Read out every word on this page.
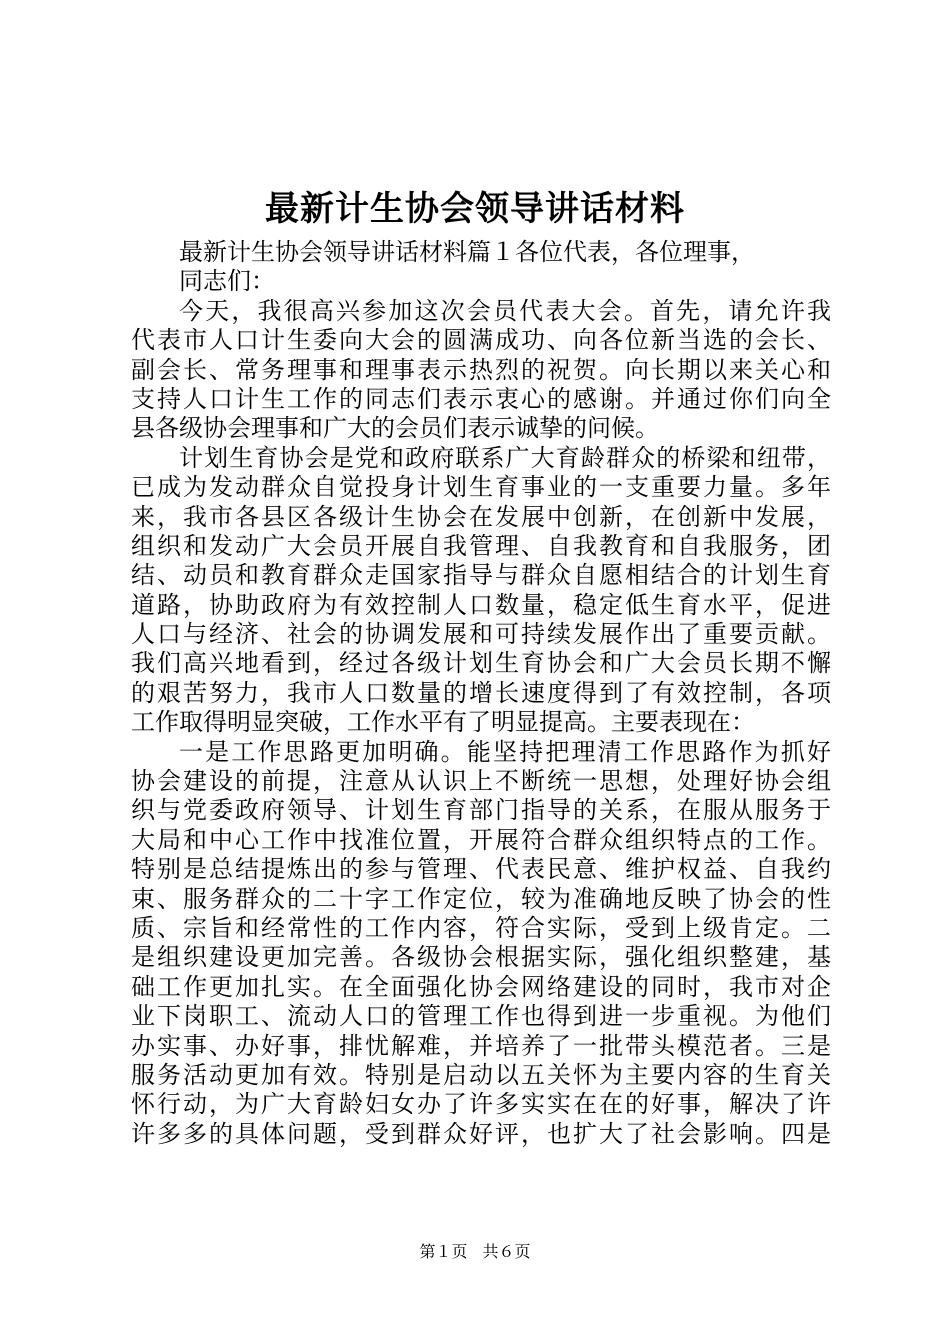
最新计生协会领导讲话材料
最新计生协会领导讲话材料篇１各位代表，各位理事，
同志们：
今天，我很高兴参加这次会员代表大会。首先，请允许我
代表市人口计生委向大会的圆满成功、向各位新当选的会长、
副会长、常务理事和理事表示热烈的祝贺。向长期以来关心和
支持人口计生工作的同志们表示衷心的感谢。并通过你们向全
县各级协会理事和广大的会员们表示诚挚的问候。
计划生育协会是党和政府联系广大育龄群众的桥梁和纽带，
已成为发动群众自觉投身计划生育事业的一支重要力量。多年
来，我市各县区各级计生协会在发展中创新，在创新中发展，
组织和发动广大会员开展自我管理、自我教育和自我服务，团
结、动员和教育群众走国家指导与群众自愿相结合的计划生育
道路，协助政府为有效控制人口数量，稳定低生育水平，促进
人口与经济、社会的协调发展和可持续发展作出了重要贡献。
我们高兴地看到，经过各级计划生育协会和广大会员长期不懈
的艰苦努力，我市人口数量的增长速度得到了有效控制，各项
工作取得明显突破，工作水平有了明显提高。主要表现在：
一是工作思路更加明确。能坚持把理清工作思路作为抓好
协会建设的前提，注意从认识上不断统一思想，处理好协会组
织与党委政府领导、计划生育部门指导的关系，在服从服务于
大局和中心工作中找准位置，开展符合群众组织特点的工作。
特别是总结提炼出的参与管理、代表民意、维护权益、自我约
束、服务群众的二十字工作定位，较为准确地反映了协会的性
质、宗旨和经常性的工作内容，符合实际，受到上级肯定。二
是组织建设更加完善。各级协会根据实际，强化组织整建，基
础工作更加扎实。在全面强化协会网络建设的同时，我市对企
业下岗职工、流动人口的管理工作也得到进一步重视。为他们
办实事、办好事，排忧解难，并培养了一批带头模范者。三是
服务活动更加有效。特别是启动以五关怀为主要内容的生育关
怀行动，为广大育龄妇女办了许多实实在在的好事，解决了许
许多多的具体问题，受到群众好评，也扩大了社会影响。四是
第１页 共６页
